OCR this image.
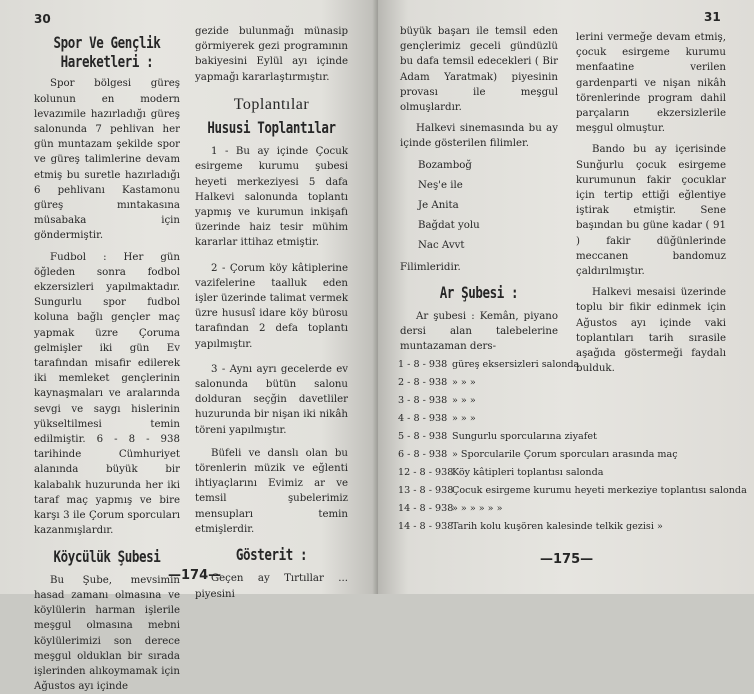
30
Spor Ve Gençlik Hareketleri :

Spor bölgesi güreş kolunun en modern levazımile hazırladığı güreş salonunda 7 pehlivan her gün muntazam şekilde spor ve güreş talimlerine devam etmiş bu suretle hazırladığı 6 pehlivanı Kastamonu güreş mıntakasına müsabaka için göndermiştir.

Fudbol : Her gün öğleden sonra fodbol ekzersizleri yapılmaktadır. Sungurlu spor fudbol koluna bağlı gençler maç yapmak üzre Çoruma gelmişler iki gün Ev tarafından misafir edilerek iki memleket gençlerinin kaynaşmaları ve aralarında sevgi ve saygı hislerinin yükseltilmesi temin edilmiştir. 6 - 8 - 938 tarihinde Cümhuriyet alanında büyük bir kalabalık huzurunda her iki taraf maç yapmış ve bire karşı 3 ile Çorum sporcuları kazanmışlardır.

Köycülük Şubesi

Bu Şube, mevsimin hasad zamanı olmasına ve köylülerin harman işlerile meşgul olmasına mebni köylülerimizi son derece meşgul olduklan bir sırada işlerinden alıkoymamak için Ağustos ayı içinde

gezide bulunmağı münasip görmiyerek gezi programının bakiyesini Eylül ayı içinde yapmağı kararlaştırmıştır.

Toplantılar
Hususi Toplantılar

1 - Bu ay içinde Çocuk esirgeme kurumu şubesi heyeti merkeziyesi 5 dafa Halkevi salonunda toplantı yapmış ve kurumun inkişafı üzerinde haiz tesir mühim kararlar ittihaz etmiştir.

2 - Çorum köy kâtiplerine vazifelerine taalluk eden işler üzerinde talimat vermek üzre hususî idare köy bürosu tarafından 2 defa toplantı yapılmıştır.

3 - Aynı ayrı gecelerde ev salonunda bütün salonu dolduran seçğin davetliler huzurunda bir nişan iki nikâh töreni yapılmıştır.

Büfeli ve danslı olan bu törenlerin müzik ve eğlenti ihtiyaçlarını Evimiz ar ve temsil şubelerimiz mensupları temin etmişlerdir.

Gösterit :

Geçen ay Tırtıllar ... piyesini

—174—
31

büyük başarı ile temsil eden gençlerimiz geceli gündüzlü bu dafa temsil edecekleri ( Bir Adam Yaratmak) piyesinin provası ile meşgul olmuşlardır.

Halkevi sinemasında bu ay içinde gösterilen filimler.

Bozamboğ
Neş'e ile
Je Anita
Bağdat yolu
Nac Avvt

Filimleridir.

Ar Şubesi :

Ar şubesi : Kemân, piyano dersi alan talebelerine muntazaman ders-

lerini vermeğe devam etmiş, çocuk esirgeme kurumu menfaatine verilen gardenparti ve nişan nikâh törenlerinde program dahil parçaların ekzersizlerile meşgul olmuştur.

Bando bu ay içerisinde Sunğurlu çocuk esirgeme kurumunun fakir çocuklar için tertip ettiği eğlentiye iştirak etmiştir. Sene başından bu güne kadar ( 91 ) fakir düğünlerinde meccanen bandomuz çaldırılmıştır.

Halkevi mesaisi üzerinde toplu bir fikir edinmek için Ağustos ayı içinde vaki toplantıları tarih sırasile aşağıda göstermeği faydalı bulduk.

—175—
1 - 8 - 938 güreş eksersizleri salonda
2 - 8 - 938 » » »
3 - 8 - 938 » » »
4 - 8 - 938 » » »
5 - 8 - 938 Sungurlu sporcularına ziyafet
6 - 8 - 938 » Sporcularile Çorum sporcuları arasında maç
12 - 8 - 938
Köy kâtipleri toplantısı salonda
13 - 8 - 938
Çocuk esirgeme kurumu heyeti merkeziye toplantısı salonda
14 - 8 - 938
» » » » » »
14 - 8 - 938
Tarih kolu kuşören kalesinde telkik gezisi »
